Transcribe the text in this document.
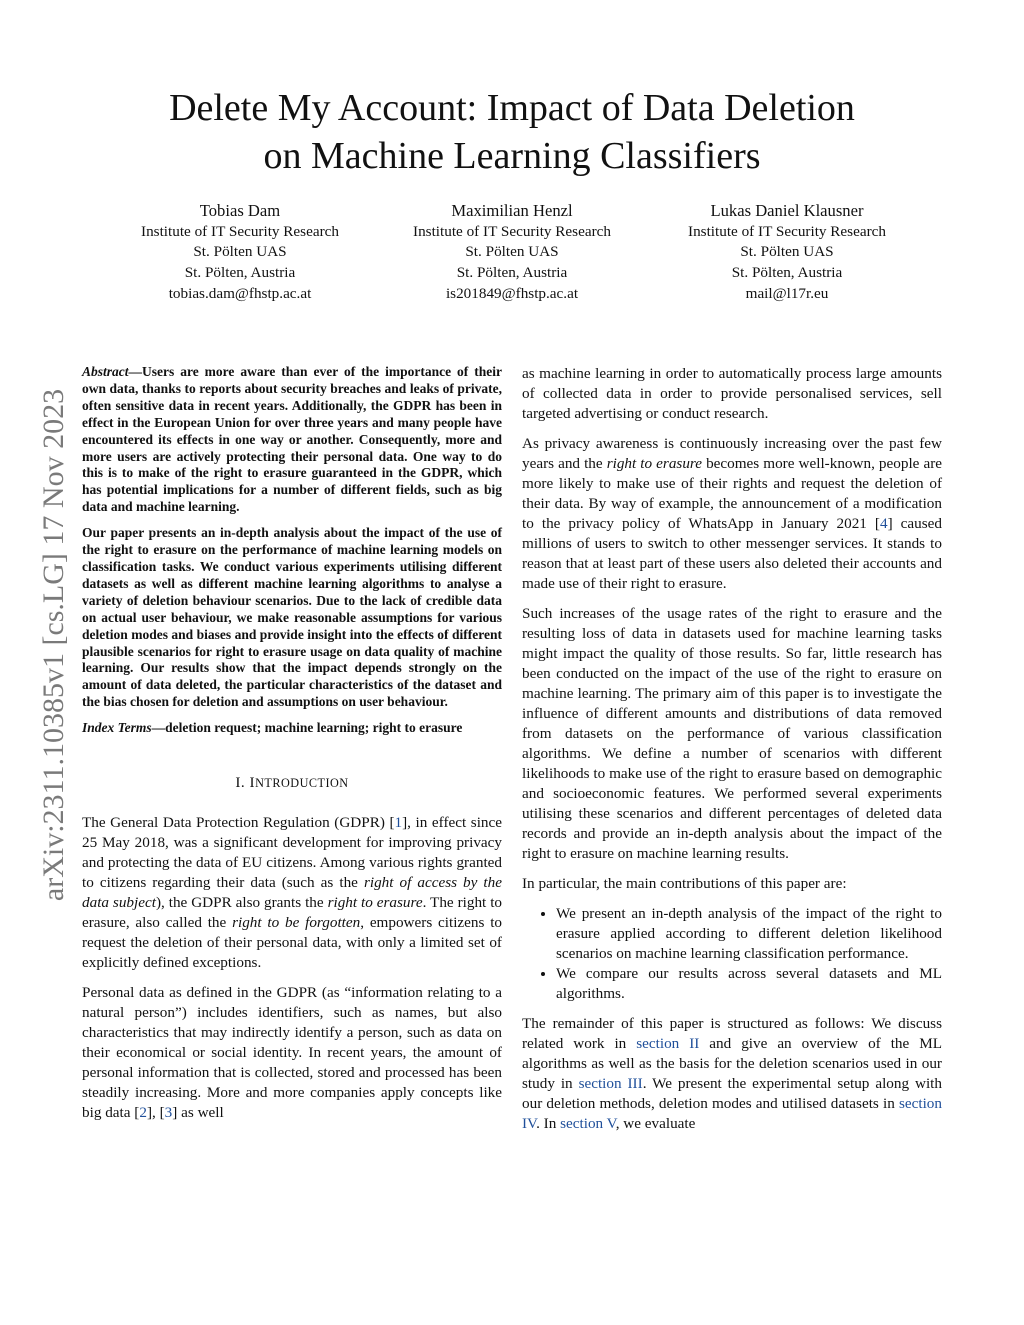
Delete My Account: Impact of Data Deletion
on Machine Learning Classifiers
Tobias Dam
Institute of IT Security Research
St. Pölten UAS
St. Pölten, Austria
tobias.dam@fhstp.ac.at
Maximilian Henzl
Institute of IT Security Research
St. Pölten UAS
St. Pölten, Austria
is201849@fhstp.ac.at
Lukas Daniel Klausner
Institute of IT Security Research
St. Pölten UAS
St. Pölten, Austria
mail@l17r.eu
arXiv:2311.10385v1 [cs.LG] 17 Nov 2023

Abstract—Users are more aware than ever of the importance of their own data, thanks to reports about security breaches and leaks of private, often sensitive data in recent years. Additionally, the GDPR has been in effect in the European Union for over three years and many people have encountered its effects in one way or another. Consequently, more and more users are actively protecting their personal data. One way to do this is to make of the right to erasure guaranteed in the GDPR, which has potential implications for a number of different fields, such as big data and machine learning.

Our paper presents an in-depth analysis about the impact of the use of the right to erasure on the performance of machine learning models on classification tasks. We conduct various experiments utilising different datasets as well as different machine learning algorithms to analyse a variety of deletion behaviour scenarios. Due to the lack of credible data on actual user behaviour, we make reasonable assumptions for various deletion modes and biases and provide insight into the effects of different plausible scenarios for right to erasure usage on data quality of machine learning. Our results show that the impact depends strongly on the amount of data deleted, the particular characteristics of the dataset and the bias chosen for deletion and assumptions on user behaviour.

Index Terms—deletion request; machine learning; right to erasure

I. INTRODUCTION

The General Data Protection Regulation (GDPR) [1], in effect since 25 May 2018, was a significant development for improving privacy and protecting the data of EU citizens. Among various rights granted to citizens regarding their data (such as the right of access by the data subject), the GDPR also grants the right to erasure. The right to erasure, also called the right to be forgotten, empowers citizens to request the deletion of their personal data, with only a limited set of explicitly defined exceptions.

Personal data as defined in the GDPR (as “information relating to a natural person”) includes identifiers, such as names, but also characteristics that may indirectly identify a person, such as data on their economical or social identity. In recent years, the amount of personal information that is collected, stored and processed has been steadily increasing. More and more companies apply concepts like big data [2], [3] as well

as machine learning in order to automatically process large amounts of collected data in order to provide personalised services, sell targeted advertising or conduct research.

As privacy awareness is continuously increasing over the past few years and the right to erasure becomes more well-known, people are more likely to make use of their rights and request the deletion of their data. By way of example, the announcement of a modification to the privacy policy of WhatsApp in January 2021 [4] caused millions of users to switch to other messenger services. It stands to reason that at least part of these users also deleted their accounts and made use of their right to erasure.

Such increases of the usage rates of the right to erasure and the resulting loss of data in datasets used for machine learning tasks might impact the quality of those results. So far, little research has been conducted on the impact of the use of the right to erasure on machine learning. The primary aim of this paper is to investigate the influence of different amounts and distributions of data removed from datasets on the performance of various classification algorithms. We define a number of scenarios with different likelihoods to make use of the right to erasure based on demographic and socioeconomic features. We performed several experiments utilising these scenarios and different percentages of deleted data records and provide an in-depth analysis about the impact of the right to erasure on machine learning results.

In particular, the main contributions of this paper are:

• We present an in-depth analysis of the impact of the right to erasure applied according to different deletion likelihood scenarios on machine learning classification performance.
• We compare our results across several datasets and ML algorithms.

The remainder of this paper is structured as follows: We discuss related work in section II and give an overview of the ML algorithms as well as the basis for the deletion scenarios used in our study in section III. We present the experimental setup along with our deletion methods, deletion modes and utilised datasets in section IV. In section V, we evaluate
